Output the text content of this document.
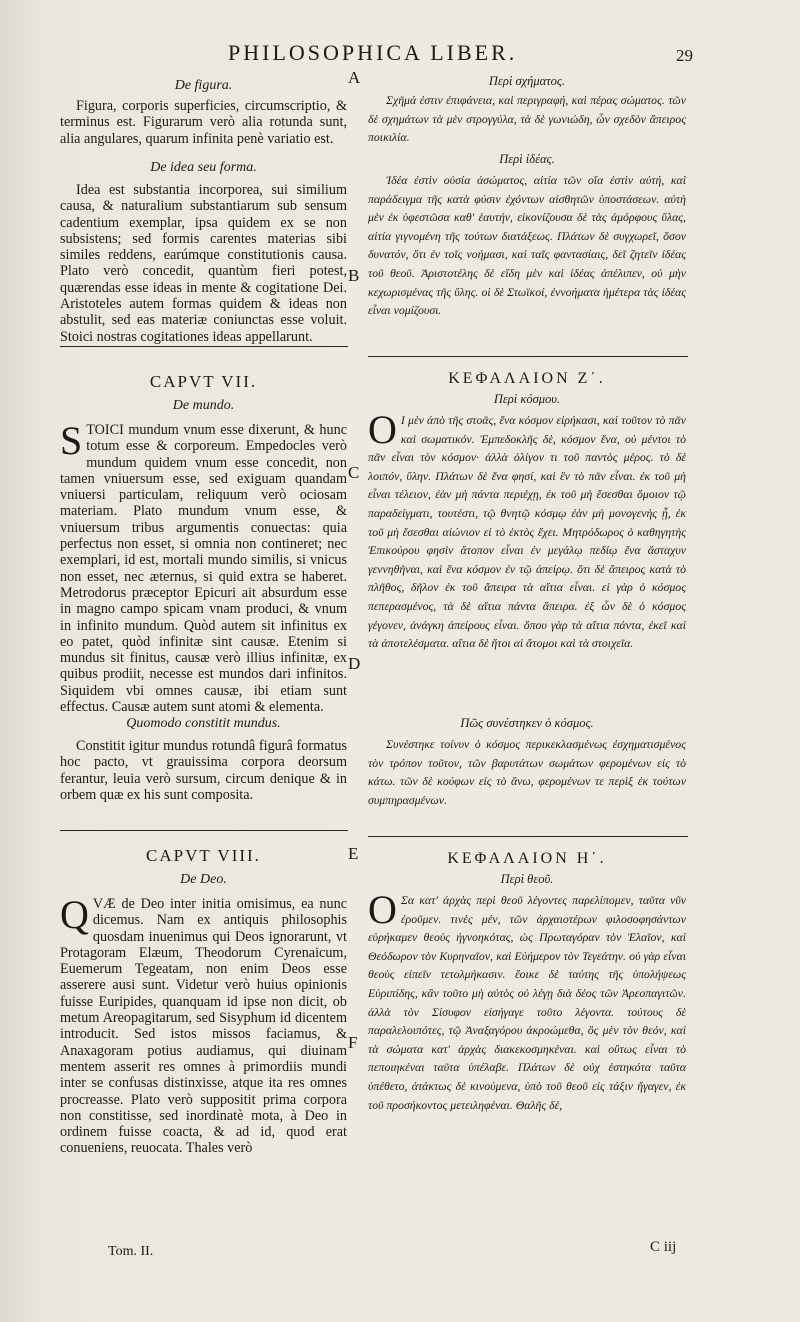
PHILOSOPHICA LIBER.	29
A
B
C
D
E
F

De figura.

Figura, corporis superficies, circumscriptio, & terminus est. Figurarum verò alia rotunda sunt, alia angulares, quarum infinita penè variatio est.

De idea seu forma.

Idea est substantia incorporea, sui similium causa, & naturalium substantiarum sub sensum cadentium exemplar, ipsa quidem ex se non subsistens; sed formis carentes materias sibi similes reddens, earúmque constitutionis causa. Plato verò concedit, quantùm fieri potest, quærendas esse ideas in mente & cogitatione Dei. Aristoteles autem formas quidem & ideas non abstulit, sed eas materiæ coniunctas esse voluit. Stoici nostras cogitationes ideas appellarunt.

CAPVT VII.

De mundo.

STOICI mundum vnum esse dixerunt, & hunc totum esse & corporeum. Empedocles verò mundum quidem vnum esse concedit, non tamen vniuersum esse, sed exiguam quandam vniuersi particulam, reliquum verò ociosam materiam. Plato mundum vnum esse, & vniuersum tribus argumentis conuectas: quia perfectus non esset, si omnia non contineret; nec exemplari, id est, mortali mundo similis, si vnicus non esset, nec æternus, si quid extra se haberet. Metrodorus præceptor Epicuri ait absurdum esse in magno campo spicam vnam produci, & vnum in infinito mundum. Quòd autem sit infinitus ex eo patet, quòd infinitæ sint causæ. Etenim si mundus sit finitus, causæ verò illius infinitæ, ex quibus prodiit, necesse est mundos dari infinitos. Siquidem vbi omnes causæ, ibi etiam sunt effectus. Causæ autem sunt atomi & elementa.

Quomodo constitit mundus.

Constitit igitur mundus rotundâ figurâ formatus hoc pacto, vt grauissima corpora deorsum ferantur, leuia verò sursum, circum denique & in orbem quæ ex his sunt composita.

CAPVT VIII.

De Deo.

QVÆ de Deo inter initia omisimus, ea nunc dicemus. Nam ex antiquis philosophis quosdam inuenimus qui Deos ignorarunt, vt Protagoram Elæum, Theodorum Cyrenaicum, Euemerum Tegeatam, non enim Deos esse asserere ausi sunt. Videtur verò huius opinionis fuisse Euripides, quanquam id ipse non dicit, ob metum Areopagitarum, sed Sisyphum id dicentem introducit. Sed istos missos faciamus, & Anaxagoram potius audiamus, qui diuinam mentem asserit res omnes à primordiis mundi inter se confusas distinxisse, atque ita res omnes procreasse. Plato verò suppositit prima corpora non constitisse, sed inordinatè mota, à Deo in ordinem fuisse coacta, & ad id, quod erat conueniens, reuocata. Thales verò

Περὶ σχήματος.

Σχῆμά ἐστιν ἐπιφάνεια, καὶ περιγραφή, καὶ πέρας σώματος. τῶν δὲ σχημάτων τὰ μὲν στρογγύλα, τὰ δὲ γωνιώδη, ὧν σχεδὸν ἄπειρος ποικιλία.

Περὶ ἰδέας.

Ἰδέα ἐστὶν οὐσία ἀσώματος, αἰτία τῶν οἵα ἐστὶν αὐτή, καὶ παράδειγμα τῆς κατὰ φύσιν ἐχόντων αἰσθητῶν ὑποστάσεων. αὐτὴ μὲν ἐκ ὑφεστῶσα καθ' ἑαυτήν, εἰκονίζουσα δὲ τὰς ἀμόρφους ὕλας, αἰτία γιγνομένη τῆς τούτων διατάξεως. Πλάτων δὲ συγχωρεῖ, ὅσον δυνατόν, ὅτι ἐν τοῖς νοήμασι, καὶ ταῖς φαντασίαις, δεῖ ζητεῖν ἰδέας τοῦ θεοῦ. Ἀριστοτέλης δὲ εἴδη μὲν καὶ ἰδέας ἀπέλιπεν, οὐ μὴν κεχωρισμένας τῆς ὕλης. οἱ δὲ Στωϊκοί, ἐννοήματα ἡμέτερα τὰς ἰδέας εἶναι νομίζουσι.

ΚΕΦΑΛΑΙΟΝ Ζ΄.

Περὶ κόσμου.

Ο Ι μὲν ἀπὸ τῆς στοᾶς, ἕνα κόσμον εἰρήκασι, καὶ τοῦτον τὸ πᾶν καὶ σωματικόν. Ἐμπεδοκλῆς δὲ, κόσμον ἕνα, οὐ μέντοι τὸ πᾶν εἶναι τὸν κόσμον· ἀλλὰ ὀλίγον τι τοῦ παντὸς μέρος. τὸ δὲ λοιπόν, ὕλην. Πλάτων δὲ ἕνα φησί, καὶ ἓν τὸ πᾶν εἶναι. ἐκ τοῦ μὴ εἶναι τέλειον, ἐὰν μὴ πάντα περιέχῃ, ἐκ τοῦ μὴ ἔσεσθαι ὅμοιον τῷ παραδείγματι, τουτέστι, τῷ θνητῷ κόσμῳ ἐὰν μὴ μονογενὴς ᾖ, ἐκ τοῦ μὴ ἔσεσθαι αἰώνιον εἰ τὸ ἐκτὸς ἔχει. Μητρόδωρος ὁ καθηγητὴς Ἐπικούρου φησὶν ἄτοπον εἶναι ἐν μεγάλῳ πεδίῳ ἕνα ἄσταχυν γεννηθῆναι, καὶ ἕνα κόσμον ἐν τῷ ἀπείρῳ. ὅτι δὲ ἄπειρος κατὰ τὸ πλῆθος, δῆλον ἐκ τοῦ ἄπειρα τὰ αἴτια εἶναι. εἰ γὰρ ὁ κόσμος πεπερασμένος, τὰ δὲ αἴτια πάντα ἄπειρα. ἐξ ὧν δὲ ὁ κόσμος γέγονεν, ἀνάγκη ἀπείρους εἶναι. ὅπου γὰρ τὰ αἴτια πάντα, ἐκεῖ καὶ τὰ ἀποτελέσματα. αἴτια δὲ ἤτοι αἱ ἄτομοι καὶ τὰ στοιχεῖα.

Πῶς συνέστηκεν ὁ κόσμος.

Συνέστηκε τοίνυν ὁ κόσμος περικεκλασμένως ἐσχηματισμένος τὸν τρόπον τοῦτον, τῶν βαρυτάτων σωμάτων φερομένων εἰς τὸ κάτω. τῶν δὲ κούφων εἰς τὸ ἄνω, φερομένων τε περὶξ ἐκ τούτων συμπηρασμένων.

ΚΕΦΑΛΑΙΟΝ Η΄.

Περὶ θεοῦ.

Ο Σα κατ' ἀρχὰς περὶ θεοῦ λέγοντες παρελίπομεν, ταῦτα νῦν ἐροῦμεν. τινὲς μέν, τῶν ἀρχαιοτέρων φιλοσοφησάντων εὑρήκαμεν θεοὺς ἠγνοηκότας, ὡς Πρωταγόραν τὸν Ἐλαῖον, καὶ Θεόδωρον τὸν Κυρηναῖον, καὶ Εὐήμερον τὸν Τεγεάτην. οὐ γὰρ εἶναι θεοὺς εἰπεῖν τετολμήκασιν. ἔοικε δὲ ταύτης τῆς ὑπολήψεως Εὐριπίδης, κἂν τοῦτο μὴ αὐτὸς οὐ λέγῃ διὰ δέος τῶν Ἀρεοπαγιτῶν. ἀλλὰ τὸν Σίσυφον εἰσήγαγε τοῦτο λέγοντα. τούτους δὲ παραλελοιπότες, τῷ Ἀναξαγόρου ἀκροώμεθα, ὃς μὲν τὸν θεόν, καὶ τὰ σώματα κατ' ἀρχὰς διακεκοσμηκέναι. καὶ οὕτως εἶναι τὸ πεποιηκέναι ταῦτα ὑπέλαβε. Πλάτων δὲ οὐχ ἑστηκότα ταῦτα ὑπέθετο, ἀτάκτως δὲ κινούμενα, ὑπὸ τοῦ θεοῦ εἰς τάξιν ἤγαγεν, ἐκ τοῦ προσήκοντος μετειληφέναι. Θαλῆς δὲ,

Tom. II.	C iij
